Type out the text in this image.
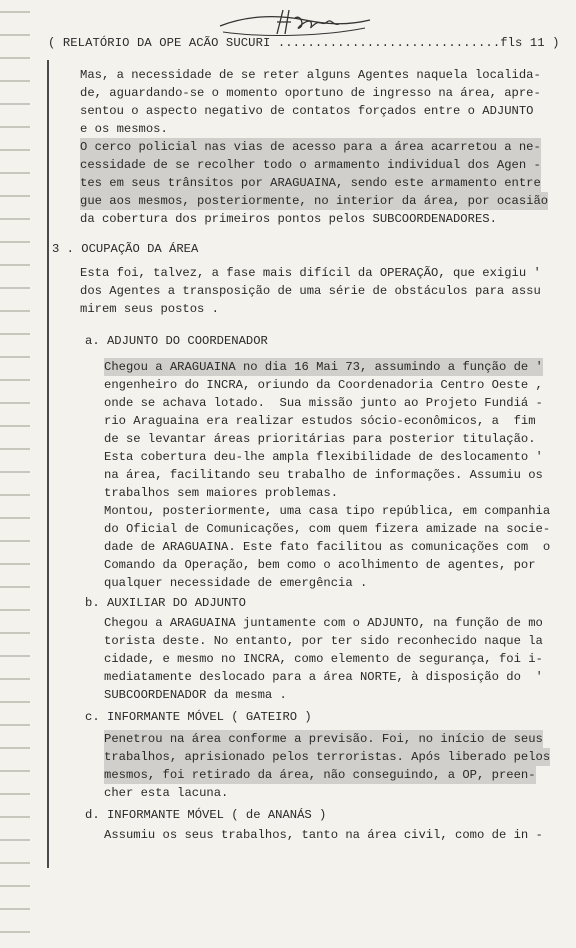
( RELATÓRIO DA OPE ACÃO SUCURI ..............................fls 11 )
Mas, a necessidade de se reter alguns Agentes naquela localida-
de, aguardando-se o momento oportuno de ingresso na área, apre-
sentou o aspecto negativo de contatos forçados entre o ADJUNTO
e os mesmos.
O cerco policial nas vias de acesso para a área acarretou a ne-
cessidade de se recolher todo o armamento individual dos Agen -
tes em seus trânsitos por ARAGUAINA, sendo este armamento entre
gue aos mesmos, posteriormente, no interior da área, por ocasião
da cobertura dos primeiros pontos pelos SUBCOORDENADORES.
3 . OCUPAÇÃO DA ÁREA
Esta foi, talvez, a fase mais difícil da OPERAÇÃO, que exigiu '
dos Agentes a transposição de uma série de obstáculos para assu
mirem seus postos .
a. ADJUNTO DO COORDENADOR
Chegou a ARAGUAINA no dia 16 Mai 73, assumindo a função de '
engenheiro do INCRA, oriundo da Coordenadoria Centro Oeste ,
onde se achava lotado.  Sua missão junto ao Projeto Fundiá -
rio Araguaina era realizar estudos sócio-econômicos, a  fim
de se levantar áreas prioritárias para posterior titulação.
Esta cobertura deu-lhe ampla flexibilidade de deslocamento '
na área, facilitando seu trabalho de informações. Assumiu os
trabalhos sem maiores problemas.
Montou, posteriormente, uma casa tipo república, em companhia
do Oficial de Comunicações, com quem fizera amizade na socie-
dade de ARAGUAINA. Este fato facilitou as comunicações com  o
Comando da Operação, bem como o acolhimento de agentes, por
qualquer necessidade de emergência .
b. AUXILIAR DO ADJUNTO
Chegou a ARAGUAINA juntamente com o ADJUNTO, na função de mo
torista deste. No entanto, por ter sido reconhecido naque la
cidade, e mesmo no INCRA, como elemento de segurança, foi i-
mediatamente deslocado para a área NORTE, à disposição do  '
SUBCOORDENADOR da mesma .
c. INFORMANTE MÓVEL ( GATEIRO )
Penetrou na área conforme a previsão. Foi, no início de seus
trabalhos, aprisionado pelos terroristas. Após liberado pelos
mesmos, foi retirado da área, não conseguindo, a OP, preen-
cher esta lacuna.
d. INFORMANTE MÓVEL ( de ANANÁS )
Assumiu os seus trabalhos, tanto na área civil, como de in -
